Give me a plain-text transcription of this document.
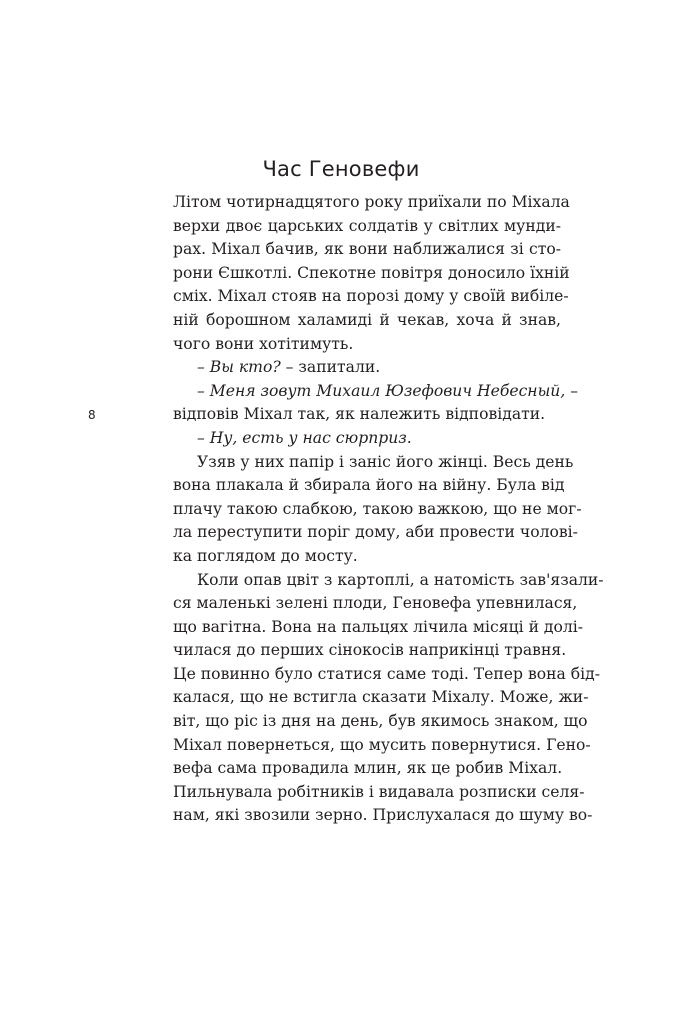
Час Геновефи
8
Літом чотирнадцятого року приїхали по Міхала
верхи двоє царських солдатів у світлих мунди-
рах. Міхал бачив, як вони наближалися зі сто-
рони Єшкотлі. Спекотне повітря доносило їхній
сміх. Міхал стояв на порозі дому у своїй вибіле-
ній борошном халамиді й чекав, хоча й знав,
чого вони хотітимуть.
– Вы кто? – запитали.
– Меня зовут Михаил Юзефович Небесный, –
відповів Міхал так, як належить відповідати.
– Ну, есть у нас сюрприз.
Узяв у них папір і заніс його жінці. Весь день
вона плакала й збирала його на війну. Була від
плачу такою слабкою, такою важкою, що не мог-
ла переступити поріг дому, аби провести чолові-
ка поглядом до мосту.
Коли опав цвіт з картоплі, а натомість зав'язали-
ся маленькі зелені плоди, Геновефа упевнилася,
що вагітна. Вона на пальцях лічила місяці й долі-
чилася до перших сінокосів наприкінці травня.
Це повинно було статися саме тоді. Тепер вона бід-
калася, що не встигла сказати Міхалу. Може, жи-
віт, що ріс із дня на день, був якимось знаком, що
Міхал повернеться, що мусить повернутися. Гено-
вефа сама провадила млин, як це робив Міхал.
Пильнувала робітників і видавала розписки селя-
нам, які звозили зерно. Прислухалася до шуму во-
